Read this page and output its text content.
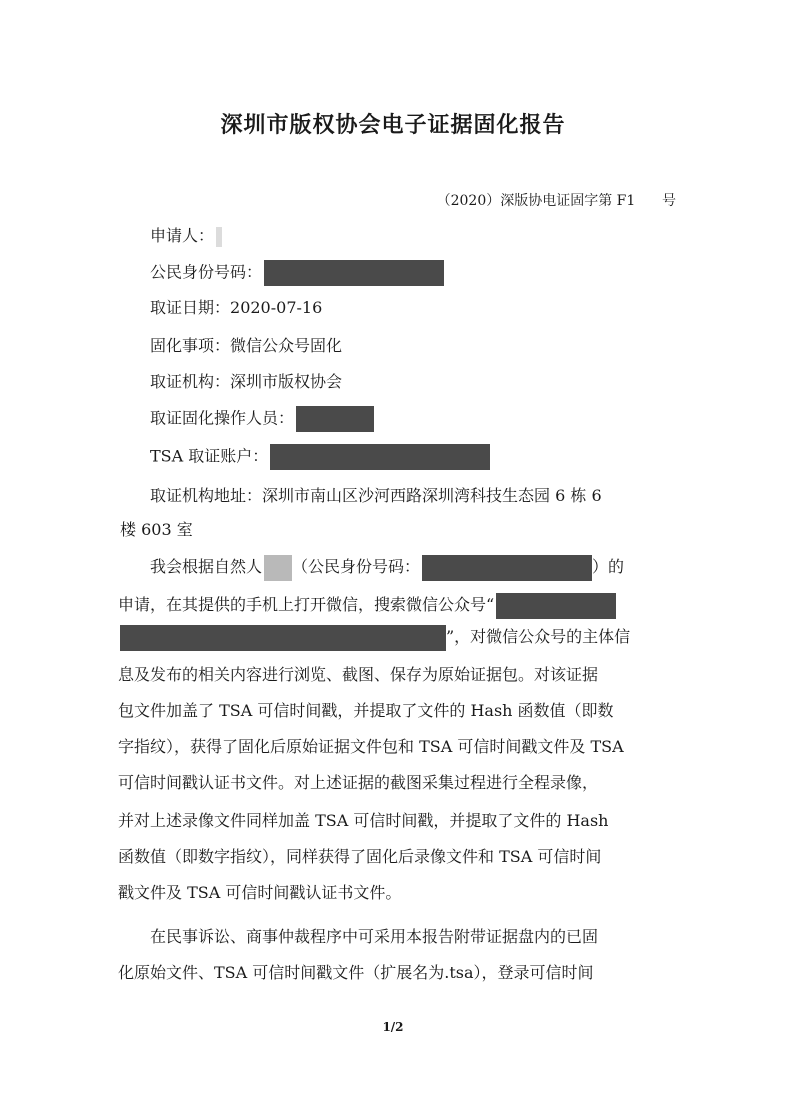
深圳市版权协会电子证据固化报告
（2020）深版协电证固字第 F1      号
申请人：
公民身份号码：
取证日期：2020-07-16
固化事项：微信公众号固化
取证机构：深圳市版权协会
取证固化操作人员：
TSA 取证账户：
取证机构地址：深圳市南山区沙河西路深圳湾科技生态园 6 栋 6
楼 603 室
我会根据自然人 （公民身份号码：	）的
申请，在其提供的手机上打开微信，搜索微信公众号“
”，对微信公众号的主体信
息及发布的相关内容进行浏览、截图、保存为原始证据包。对该证据
包文件加盖了 TSA 可信时间戳，并提取了文件的 Hash 函数值（即数
字指纹），获得了固化后原始证据文件包和 TSA 可信时间戳文件及 TSA
可信时间戳认证书文件。对上述证据的截图采集过程进行全程录像，
并对上述录像文件同样加盖 TSA 可信时间戳，并提取了文件的 Hash
函数值（即数字指纹），同样获得了固化后录像文件和 TSA 可信时间
戳文件及 TSA 可信时间戳认证书文件。
在民事诉讼、商事仲裁程序中可采用本报告附带证据盘内的已固
化原始文件、TSA 可信时间戳文件（扩展名为.tsa），登录可信时间
1/2
